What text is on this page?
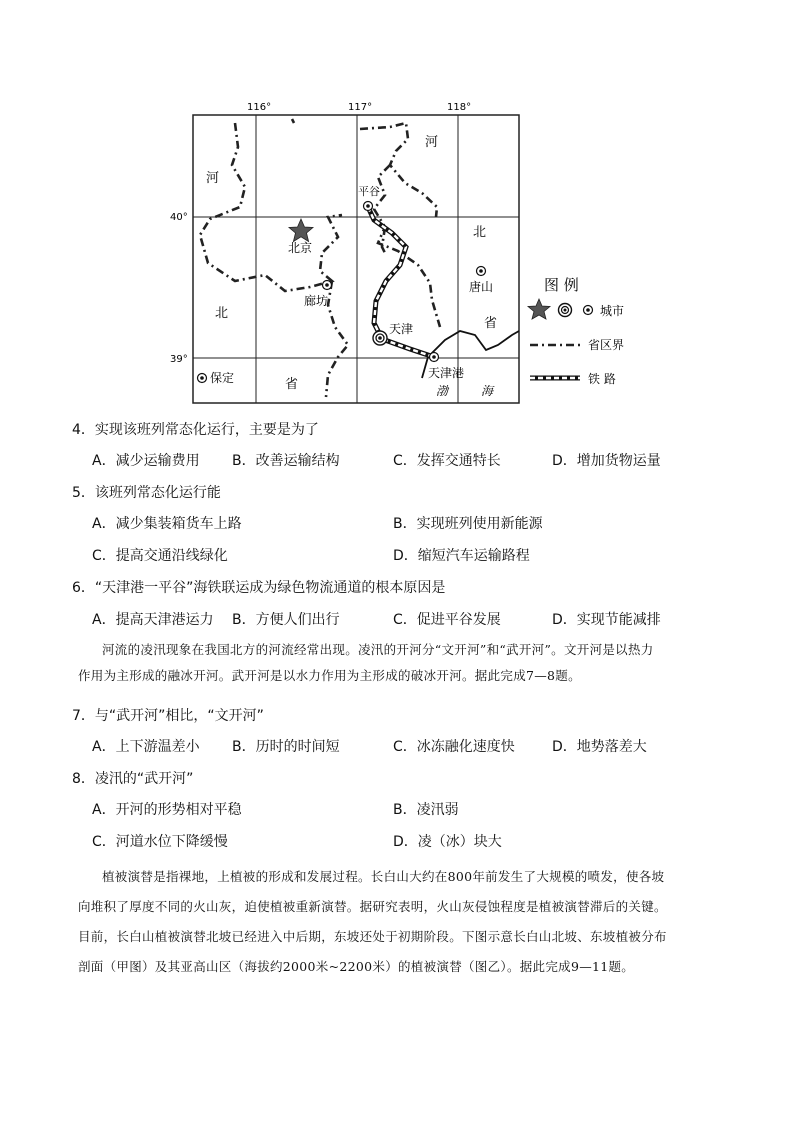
116°	117°	118°
40°
39°
北京
平谷
唐山
廊坊
天津
天津港
保定
河
河
北
北
省
省	渤	海
图 例
城市
省区界
铁 路
4．实现该班列常态化运行，主要是为了
A．减少运输费用 B．改善运输结构	C．发挥交通特长	D．增加货物运量
5．该班列常态化运行能
A．减少集装箱货车上路	B．实现班列使用新能源
C．提高交通沿线绿化	D．缩短汽车运输路程
6．“天津港一平谷”海铁联运成为绿色物流通道的根本原因是
A．提高天津港运力 B．方便人们出行	C．促进平谷发展	D．实现节能减排
河流的凌汛现象在我国北方的河流经常出现。凌汛的开河分“文开河”和“武开河”。文开河是以热力
作用为主形成的融冰开河。武开河是以水力作用为主形成的破冰开河。据此完成7—8题。
7．与“武开河”相比，“文开河”
A．上下游温差小 B．历时的时间短	C．冰冻融化速度快	D．地势落差大
8．凌汛的“武开河”
A．开河的形势相对平稳	B．凌汛弱
C．河道水位下降缓慢	D．凌（冰）块大
植被演替是指裸地，上植被的形成和发展过程。长白山大约在800年前发生了大规模的喷发，使各坡
向堆积了厚度不同的火山灰，迫使植被重新演替。据研究表明，火山灰侵蚀程度是植被演替滞后的关键。
目前，长白山植被演替北坡已经进入中后期，东坡还处于初期阶段。下图示意长白山北坡、东坡植被分布
剖面（甲图）及其亚高山区（海拔约2000米~2200米）的植被演替（图乙）。据此完成9—11题。
